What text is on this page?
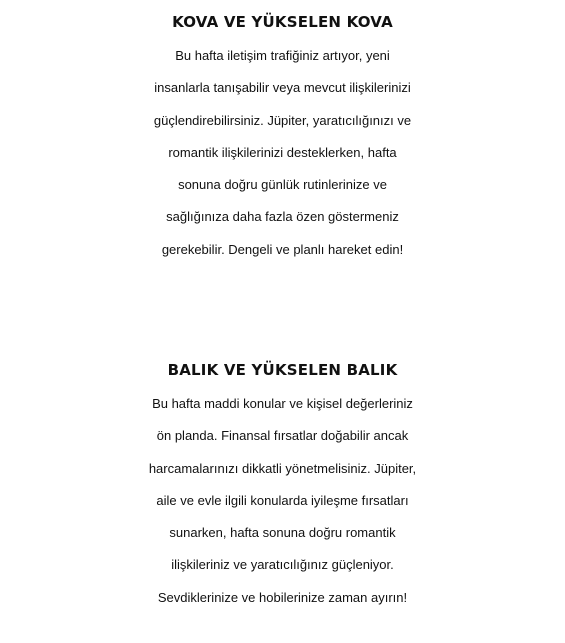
KOVA VE YÜKSELEN KOVA
Bu hafta iletişim trafiğiniz artıyor, yeni
insanlarla tanışabilir veya mevcut ilişkilerinizi
güçlendirebilirsiniz. Jüpiter, yaratıcılığınızı ve
romantik ilişkilerinizi desteklerken, hafta
sonuna doğru günlük rutinlerinize ve
sağlığınıza daha fazla özen göstermeniz
gerekebilir. Dengeli ve planlı hareket edin!
BALIK VE YÜKSELEN BALIK
Bu hafta maddi konular ve kişisel değerleriniz
ön planda. Finansal fırsatlar doğabilir ancak
harcamalarınızı dikkatli yönetmelisiniz. Jüpiter,
aile ve evle ilgili konularda iyileşme fırsatları
sunarken, hafta sonuna doğru romantik
ilişkileriniz ve yaratıcılığınız güçleniyor.
Sevdiklerinize ve hobilerinize zaman ayırın!
